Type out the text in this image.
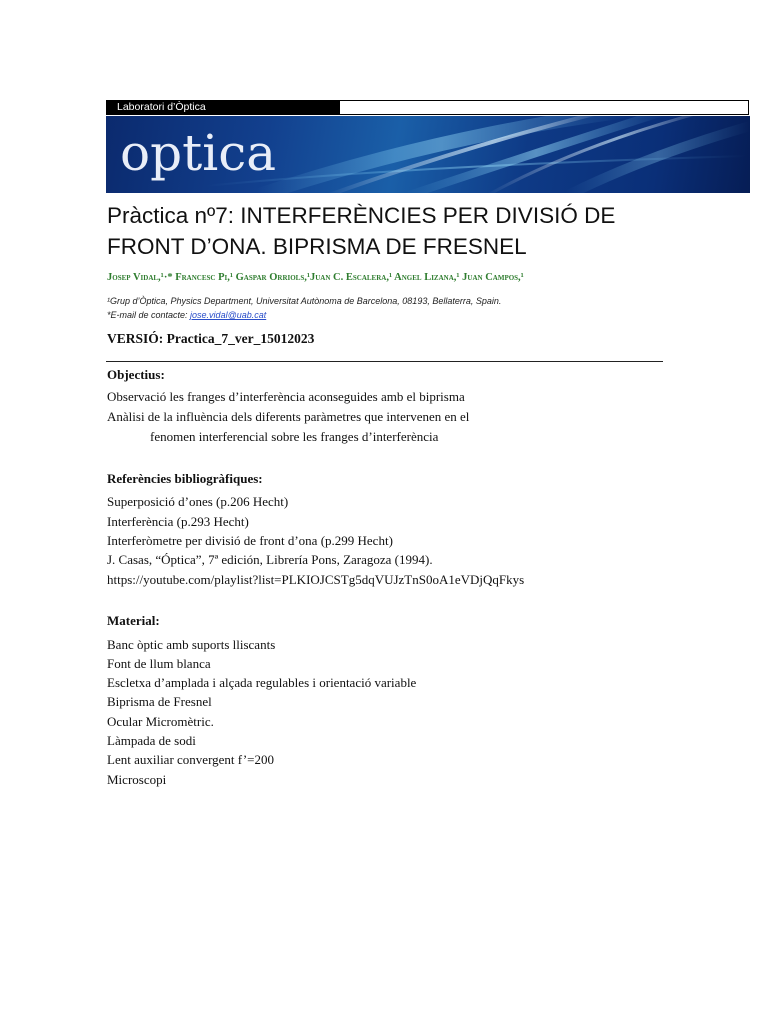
Laboratori d’Òptica
optica
Pràctica nº7: INTERFERÈNCIES PER DIVISIÓ DE
FRONT D’ONA. BIPRISMA DE FRESNEL
Josep Vidal,¹·* Francesc Pi,¹ Gaspar Orriols,¹Juan C. Escalera,¹ Angel Lizana,¹ Juan Campos,¹
¹Grup d’Òptica, Physics Department, Universitat Autònoma de Barcelona, 08193, Bellaterra, Spain.
*E-mail de contacte: jose.vidal@uab.cat
VERSIÓ: Practica_7_ver_15012023
Objectius:
Observació les franges d’interferència aconseguides amb el biprisma
Anàlisi de la influència dels diferents paràmetres que intervenen en el
fenomen interferencial sobre les franges d’interferència
Referències bibliogràfiques:
Superposició d’ones (p.206 Hecht)
Interferència (p.293 Hecht)
Interferòmetre per divisió de front d’ona (p.299 Hecht)
J. Casas, “Óptica”, 7ª edición, Librería Pons, Zaragoza (1994).
https://youtube.com/playlist?list=PLKIOJCSTg5dqVUJzTnS0oA1eVDjQqFkys
Material:
Banc òptic amb suports lliscants
Font de llum blanca
Escletxa d’amplada i alçada regulables i orientació variable
Biprisma de Fresnel
Ocular Micromètric.
Làmpada de sodi
Lent auxiliar convergent f’=200
Microscopi
